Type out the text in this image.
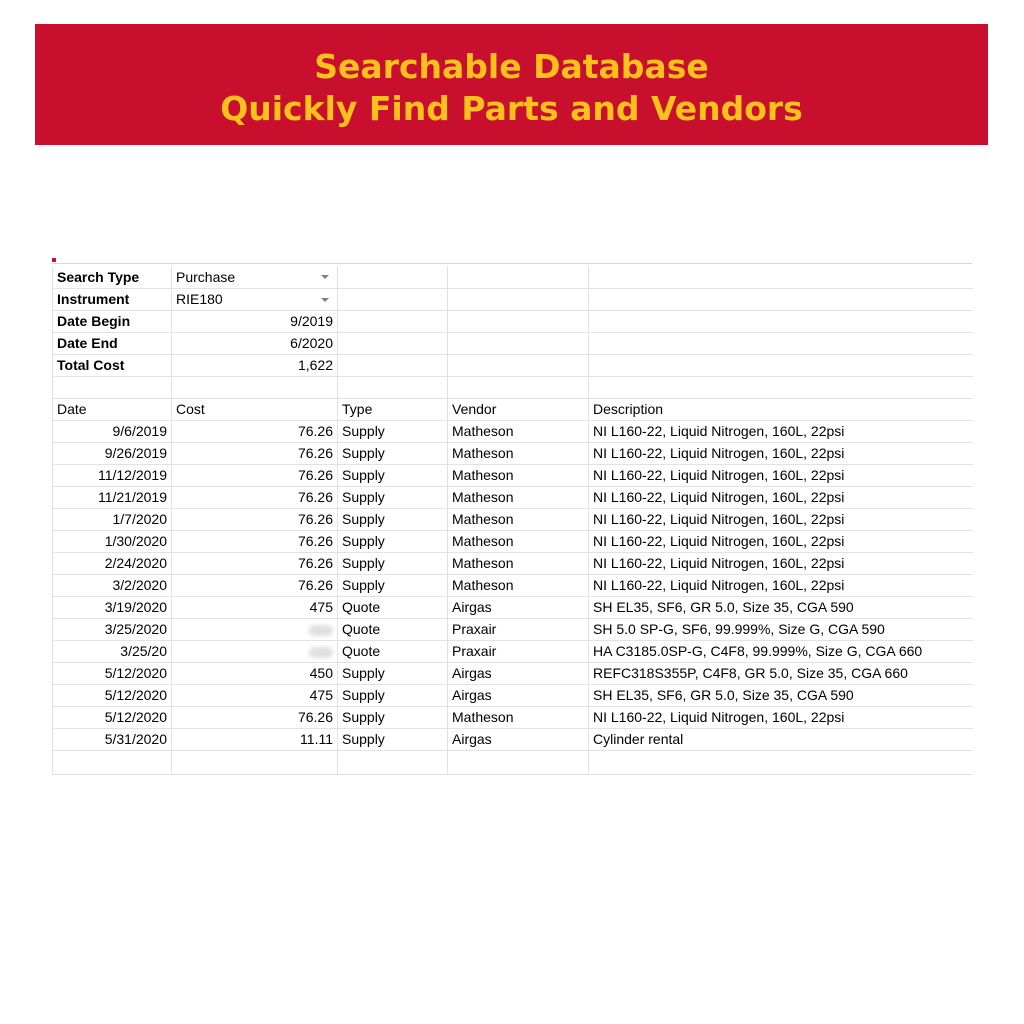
Searchable Database
Quickly Find Parts and Vendors
Search Type	Purchase

Instrument	RIE180

Date Begin	9/2019			
Date End	6/2020			
Total Cost	1,622			

Date	Cost	Type	Vendor	Description
9/6/2019	76.26	Supply	Matheson	NI L160-22, Liquid Nitrogen, 160L, 22psi
9/26/2019	76.26	Supply	Matheson	NI L160-22, Liquid Nitrogen, 160L, 22psi
11/12/2019	76.26	Supply	Matheson	NI L160-22, Liquid Nitrogen, 160L, 22psi
11/21/2019	76.26	Supply	Matheson	NI L160-22, Liquid Nitrogen, 160L, 22psi
1/7/2020	76.26	Supply	Matheson	NI L160-22, Liquid Nitrogen, 160L, 22psi
1/30/2020	76.26	Supply	Matheson	NI L160-22, Liquid Nitrogen, 160L, 22psi
2/24/2020	76.26	Supply	Matheson	NI L160-22, Liquid Nitrogen, 160L, 22psi
3/2/2020	76.26	Supply	Matheson	NI L160-22, Liquid Nitrogen, 160L, 22psi
3/19/2020	475	Quote	Airgas	SH EL35, SF6, GR 5.0, Size 35, CGA 590
3/25/2020		Quote	Praxair	SH 5.0 SP-G, SF6, 99.999%, Size G, CGA 590
3/25/20		Quote	Praxair	HA C3185.0SP-G, C4F8, 99.999%, Size G, CGA 660
5/12/2020	450	Supply	Airgas	REFC318S355P, C4F8, GR 5.0, Size 35, CGA 660
5/12/2020	475	Supply	Airgas	SH EL35, SF6, GR 5.0, Size 35, CGA 590
5/12/2020	76.26	Supply	Matheson	NI L160-22, Liquid Nitrogen, 160L, 22psi
5/31/2020	11.11	Supply	Airgas	Cylinder rental
